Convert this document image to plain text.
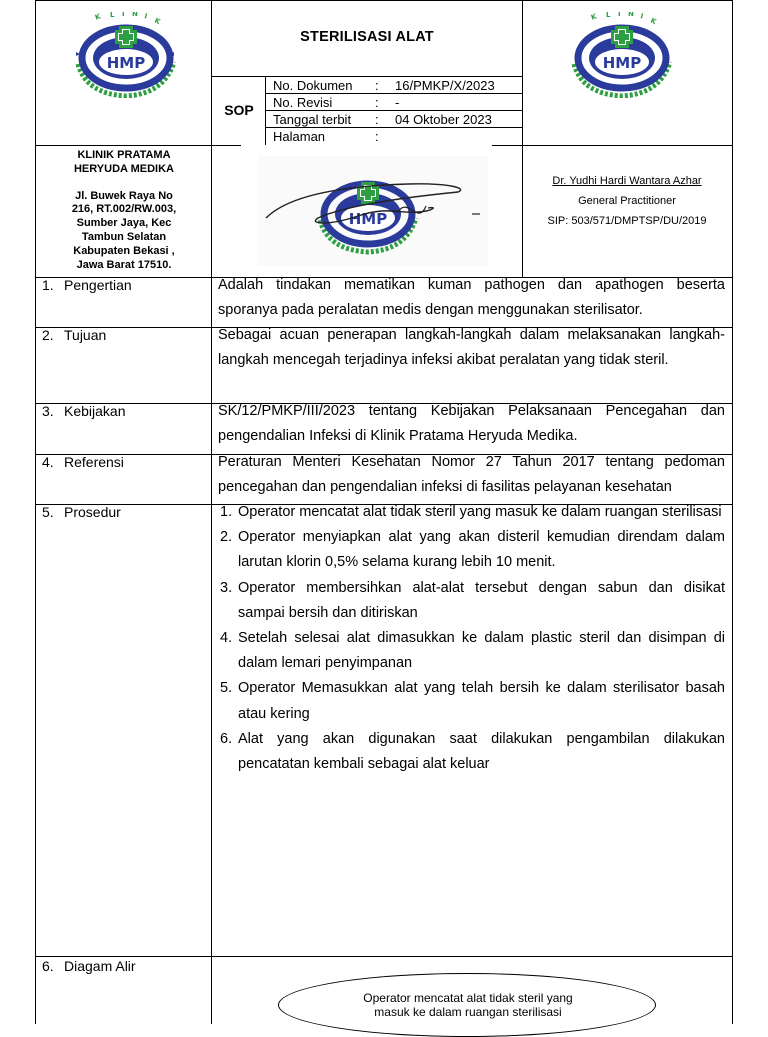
K L I N I
K
HMP
K L I N I
K
HMP
HMP
STERILISASI ALAT
SOP
No. Dokumen : 16/PMKP/X/2023
No. Revisi	: -
Tanggal terbit : 04 Oktober 2023
Halaman	:
KLINIK PRATAMA
HERYUDA MEDIKA
Jl. Buwek Raya No
216, RT.002/RW.003,
Sumber Jaya, Kec
Tambun Selatan
Kabupaten Bekasi ,
Jawa Barat 17510.
Dr. Yudhi Hardi Wantara Azhar
General Practitioner
SIP: 503/571/DMPTSP/DU/2019
1. Pengertian
2. Tujuan
3. Kebijakan
4. Referensi
5. Prosedur
6. Diagam Alir
Adalah tindakan mematikan kuman pathogen dan apathogen beserta sporanya pada peralatan medis dengan menggunakan sterilisator.
Sebagai acuan penerapan langkah-langkah dalam melaksanakan langkah-langkah mencegah terjadinya infeksi akibat peralatan yang tidak steril.
SK/12/PMKP/III/2023 tentang Kebijakan Pelaksanaan Pencegahan dan pengendalian Infeksi di Klinik Pratama Heryuda Medika.
Peraturan Menteri Kesehatan Nomor 27 Tahun 2017 tentang pedoman pencegahan dan pengendalian infeksi di fasilitas pelayanan kesehatan
1. Operator mencatat alat tidak steril yang masuk ke dalam ruangan sterilisasi
2. Operator menyiapkan alat yang akan disteril kemudian direndam dalam larutan klorin 0,5% selama kurang lebih 10 menit.
3. Operator membersihkan alat-alat tersebut dengan sabun dan disikat sampai bersih dan ditiriskan
4. Setelah selesai alat dimasukkan ke dalam plastic steril dan disimpan di dalam lemari penyimpanan
5. Operator Memasukkan alat yang telah bersih ke dalam sterilisator basah atau kering
6. Alat yang akan digunakan saat dilakukan pengambilan dilakukan pencatatan kembali sebagai alat keluar
Operator mencatat alat tidak steril yang
masuk ke dalam ruangan sterilisasi
